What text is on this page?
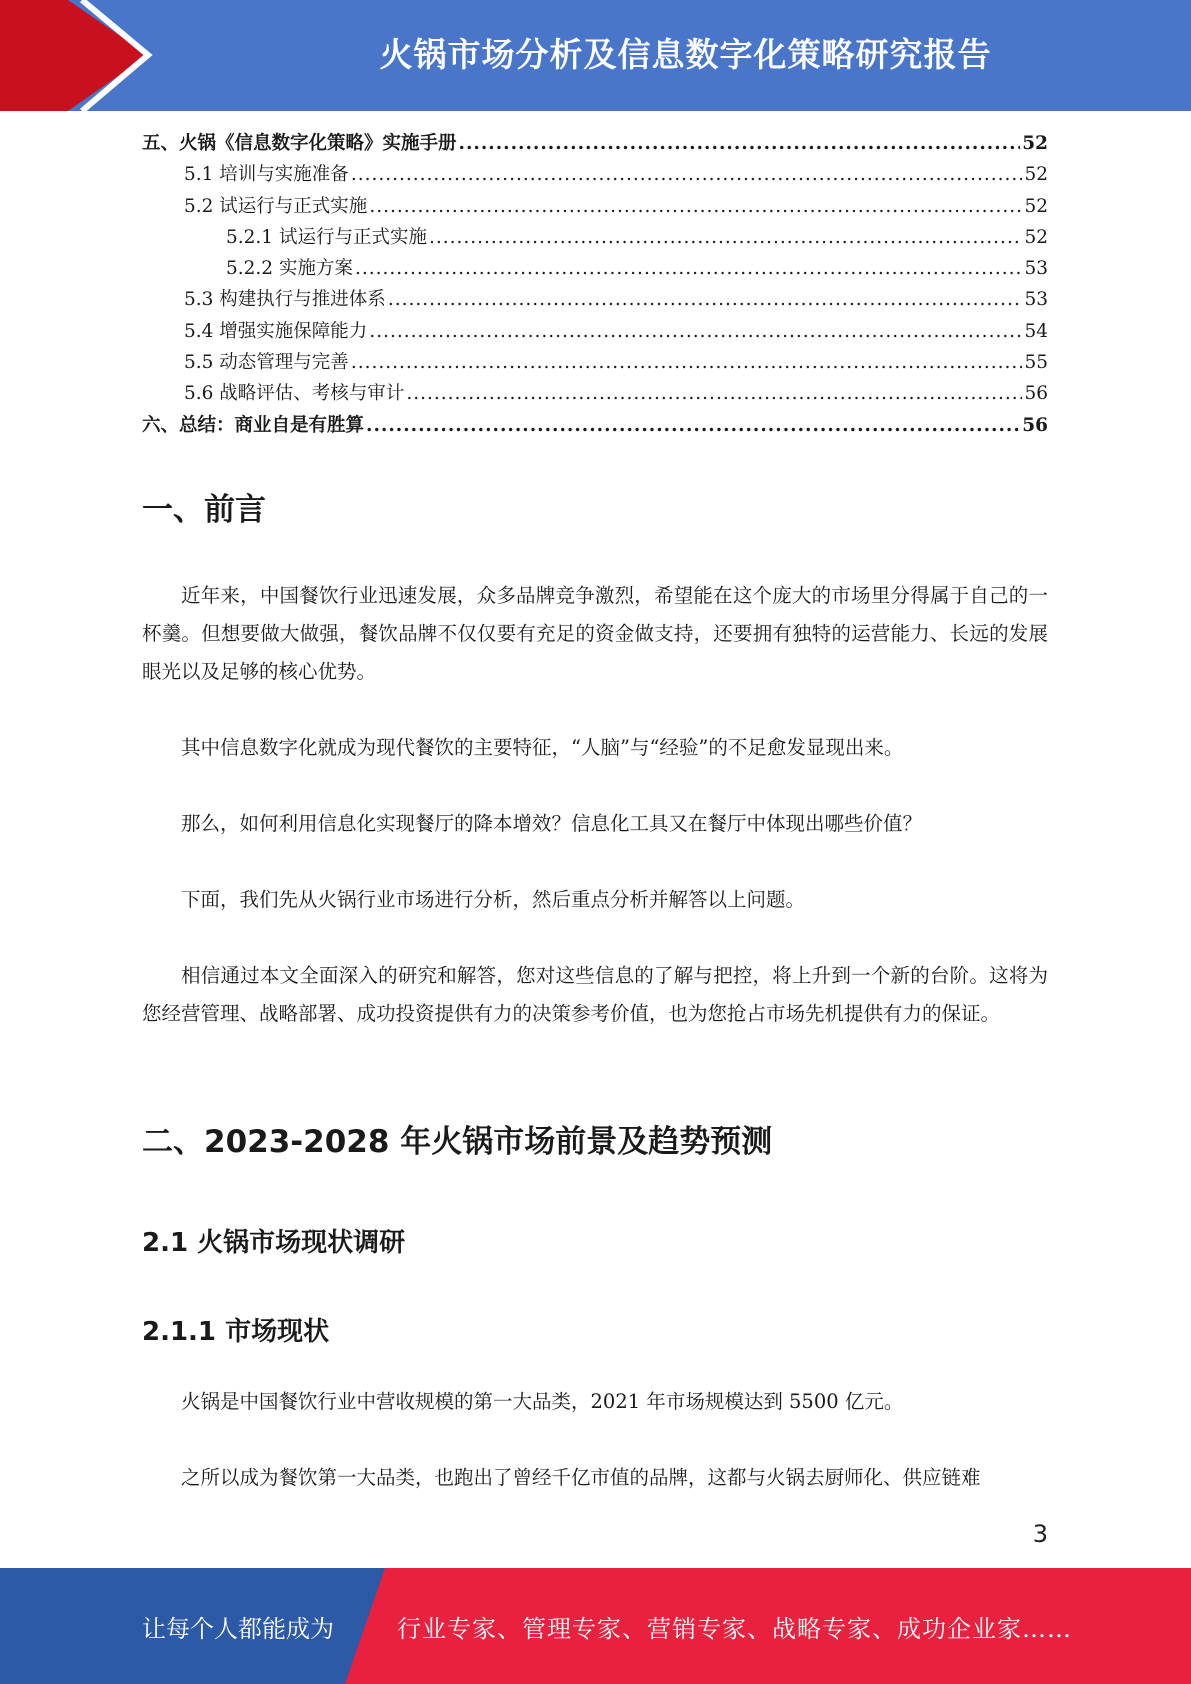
火锅市场分析及信息数字化策略研究报告
五、火锅《信息数字化策略》实施手册 .....	52
5.1 培训与实施准备 .....	52
5.2 试运行与正式实施 .....	52
5.2.1 试运行与正式实施 .....	52
5.2.2 实施方案 .....	53
5.3 构建执行与推进体系 .....	53
5.4 增强实施保障能力 .....	54
5.5 动态管理与完善 .....	55
5.6 战略评估、考核与审计 .....	56
六、总结：商业自是有胜算 .....	56
一、前言

近年来，中国餐饮行业迅速发展，众多品牌竞争激烈，希望能在这个庞大的市场里分得属于自己的一杯羹。但想要做大做强，餐饮品牌不仅仅要有充足的资金做支持，还要拥有独特的运营能力、长远的发展眼光以及足够的核心优势。

其中信息数字化就成为现代餐饮的主要特征，“人脑”与“经验”的不足愈发显现出来。

那么，如何利用信息化实现餐厅的降本增效？信息化工具又在餐厅中体现出哪些价值？

下面，我们先从火锅行业市场进行分析，然后重点分析并解答以上问题。

相信通过本文全面深入的研究和解答，您对这些信息的了解与把控，将上升到一个新的台阶。这将为您经营管理、战略部署、成功投资提供有力的决策参考价值，也为您抢占市场先机提供有力的保证。

二、2023-2028 年火锅市场前景及趋势预测
2.1 火锅市场现状调研
2.1.1 市场现状

火锅是中国餐饮行业中营收规模的第一大品类，2021 年市场规模达到 5500 亿元。

之所以成为餐饮第一大品类，也跑出了曾经千亿市值的品牌，这都与火锅去厨师化、供应链难

3
让每个人都能成为	行业专家、管理专家、营销专家、战略专家、成功企业家……
